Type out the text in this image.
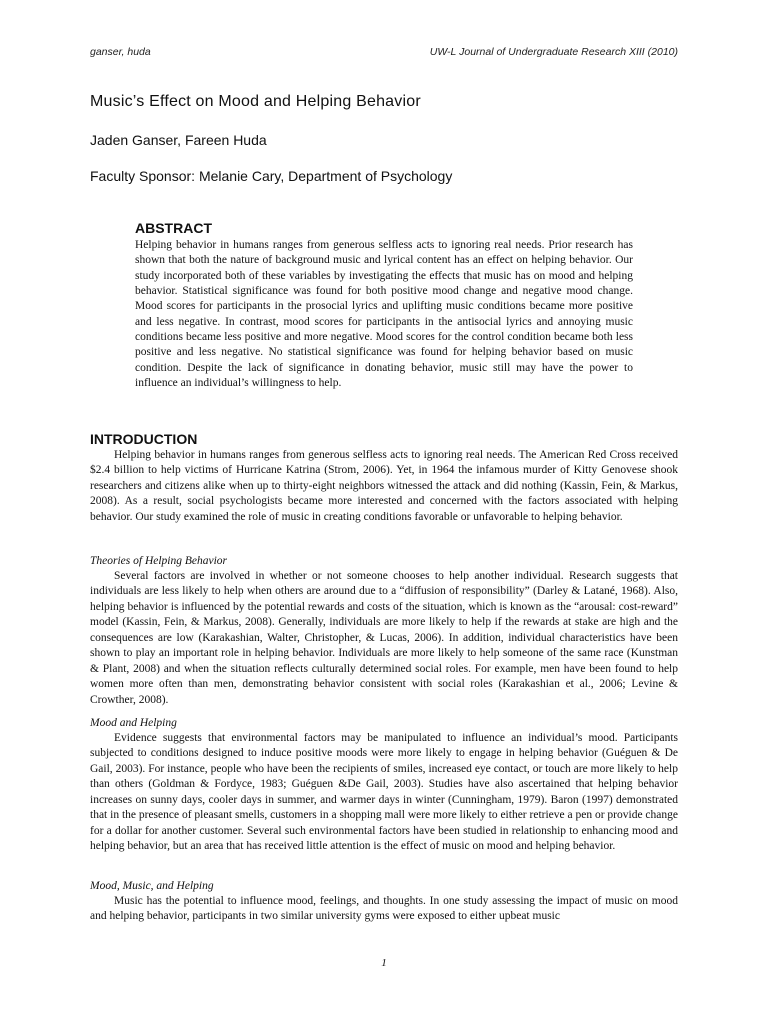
ganser, huda	UW-L Journal of Undergraduate Research XIII (2010)
Music’s Effect on Mood and Helping Behavior
Jaden Ganser, Fareen Huda
Faculty Sponsor: Melanie Cary, Department of Psychology
ABSTRACT

Helping behavior in humans ranges from generous selfless acts to ignoring real needs. Prior research has shown that both the nature of background music and lyrical content has an effect on helping behavior. Our study incorporated both of these variables by investigating the effects that music has on mood and helping behavior. Statistical significance was found for both positive mood change and negative mood change. Mood scores for participants in the prosocial lyrics and uplifting music conditions became more positive and less negative. In contrast, mood scores for participants in the antisocial lyrics and annoying music conditions became less positive and more negative. Mood scores for the control condition became both less positive and less negative. No statistical significance was found for helping behavior based on music condition. Despite the lack of significance in donating behavior, music still may have the power to influence an individual’s willingness to help.

INTRODUCTION

Helping behavior in humans ranges from generous selfless acts to ignoring real needs. The American Red Cross received $2.4 billion to help victims of Hurricane Katrina (Strom, 2006). Yet, in 1964 the infamous murder of Kitty Genovese shook researchers and citizens alike when up to thirty-eight neighbors witnessed the attack and did nothing (Kassin, Fein, & Markus, 2008). As a result, social psychologists became more interested and concerned with the factors associated with helping behavior. Our study examined the role of music in creating conditions favorable or unfavorable to helping behavior.

Theories of Helping Behavior

Several factors are involved in whether or not someone chooses to help another individual. Research suggests that individuals are less likely to help when others are around due to a “diffusion of responsibility” (Darley & Latané, 1968). Also, helping behavior is influenced by the potential rewards and costs of the situation, which is known as the “arousal: cost-reward” model (Kassin, Fein, & Markus, 2008). Generally, individuals are more likely to help if the rewards at stake are high and the consequences are low (Karakashian, Walter, Christopher, & Lucas, 2006). In addition, individual characteristics have been shown to play an important role in helping behavior. Individuals are more likely to help someone of the same race (Kunstman & Plant, 2008) and when the situation reflects culturally determined social roles. For example, men have been found to help women more often than men, demonstrating behavior consistent with social roles (Karakashian et al., 2006; Levine & Crowther, 2008).

Mood and Helping

Evidence suggests that environmental factors may be manipulated to influence an individual’s mood. Participants subjected to conditions designed to induce positive moods were more likely to engage in helping behavior (Guéguen & De Gail, 2003). For instance, people who have been the recipients of smiles, increased eye contact, or touch are more likely to help than others (Goldman & Fordyce, 1983; Guéguen &De Gail, 2003). Studies have also ascertained that helping behavior increases on sunny days, cooler days in summer, and warmer days in winter (Cunningham, 1979). Baron (1997) demonstrated that in the presence of pleasant smells, customers in a shopping mall were more likely to either retrieve a pen or provide change for a dollar for another customer. Several such environmental factors have been studied in relationship to enhancing mood and helping behavior, but an area that has received little attention is the effect of music on mood and helping behavior.

Mood, Music, and Helping

Music has the potential to influence mood, feelings, and thoughts. In one study assessing the impact of music on mood and helping behavior, participants in two similar university gyms were exposed to either upbeat music

1
